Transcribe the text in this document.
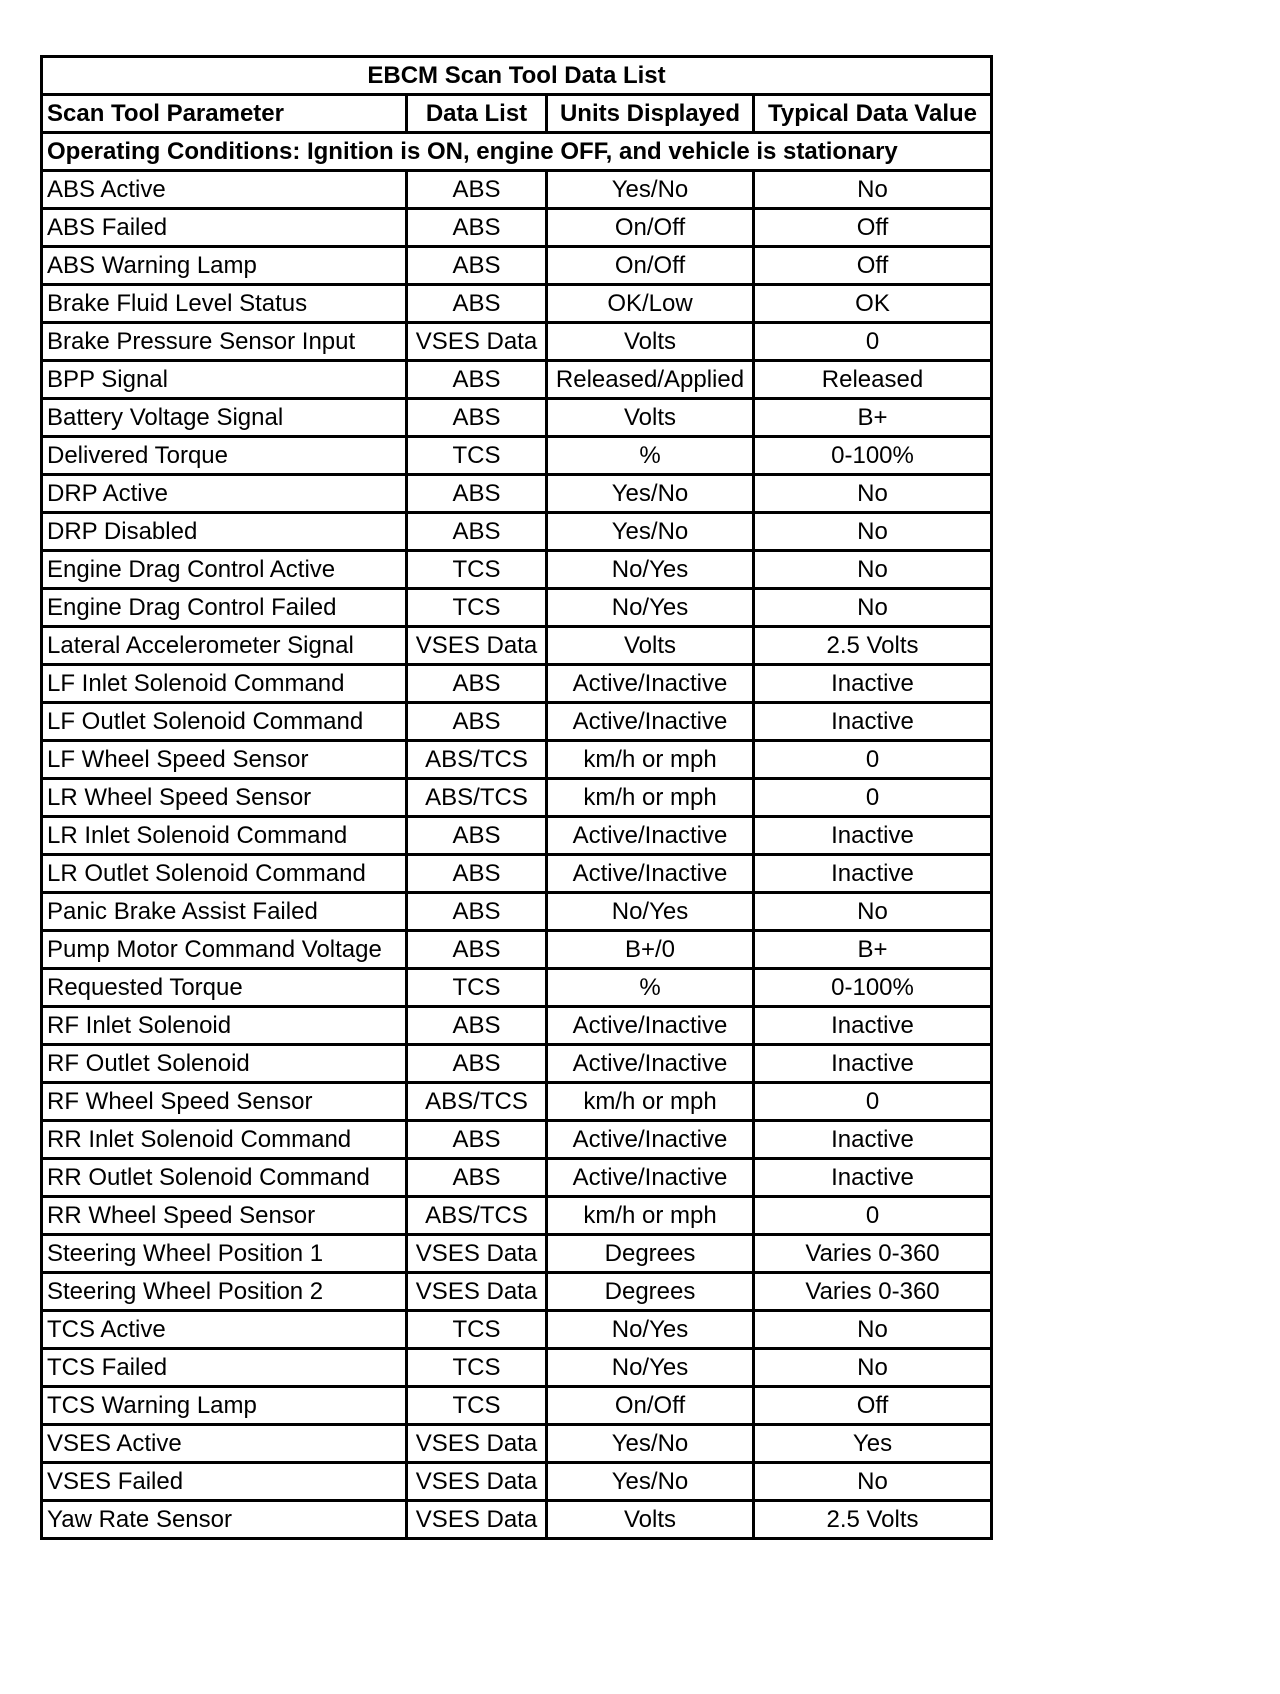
EBCM Scan Tool Data List			
Scan Tool Parameter	Data List	Units Displayed	Typical Data Value
Operating Conditions: Ignition is ON, engine OFF, and vehicle is stationary			
ABS Active	ABS	Yes/No	No
ABS Failed	ABS	On/Off	Off
ABS Warning Lamp	ABS	On/Off	Off
Brake Fluid Level Status	ABS	OK/Low	OK
Brake Pressure Sensor Input	VSES Data	Volts	0
BPP Signal	ABS	Released/Applied	Released
Battery Voltage Signal	ABS	Volts	B+
Delivered Torque	TCS	%	0-100%
DRP Active	ABS	Yes/No	No
DRP Disabled	ABS	Yes/No	No
Engine Drag Control Active	TCS	No/Yes	No
Engine Drag Control Failed	TCS	No/Yes	No
Lateral Accelerometer Signal	VSES Data	Volts	2.5 Volts
LF Inlet Solenoid Command	ABS	Active/Inactive	Inactive
LF Outlet Solenoid Command	ABS	Active/Inactive	Inactive
LF Wheel Speed Sensor	ABS/TCS	km/h or mph	0
LR Wheel Speed Sensor	ABS/TCS	km/h or mph	0
LR Inlet Solenoid Command	ABS	Active/Inactive	Inactive
LR Outlet Solenoid Command	ABS	Active/Inactive	Inactive
Panic Brake Assist Failed	ABS	No/Yes	No
Pump Motor Command Voltage	ABS	B+/0	B+
Requested Torque	TCS	%	0-100%
RF Inlet Solenoid	ABS	Active/Inactive	Inactive
RF Outlet Solenoid	ABS	Active/Inactive	Inactive
RF Wheel Speed Sensor	ABS/TCS	km/h or mph	0
RR Inlet Solenoid Command	ABS	Active/Inactive	Inactive
RR Outlet Solenoid Command	ABS	Active/Inactive	Inactive
RR Wheel Speed Sensor	ABS/TCS	km/h or mph	0
Steering Wheel Position 1	VSES Data	Degrees	Varies 0-360
Steering Wheel Position 2	VSES Data	Degrees	Varies 0-360
TCS Active	TCS	No/Yes	No
TCS Failed	TCS	No/Yes	No
TCS Warning Lamp	TCS	On/Off	Off
VSES Active	VSES Data	Yes/No	Yes
VSES Failed	VSES Data	Yes/No	No
Yaw Rate Sensor	VSES Data	Volts	2.5 Volts
